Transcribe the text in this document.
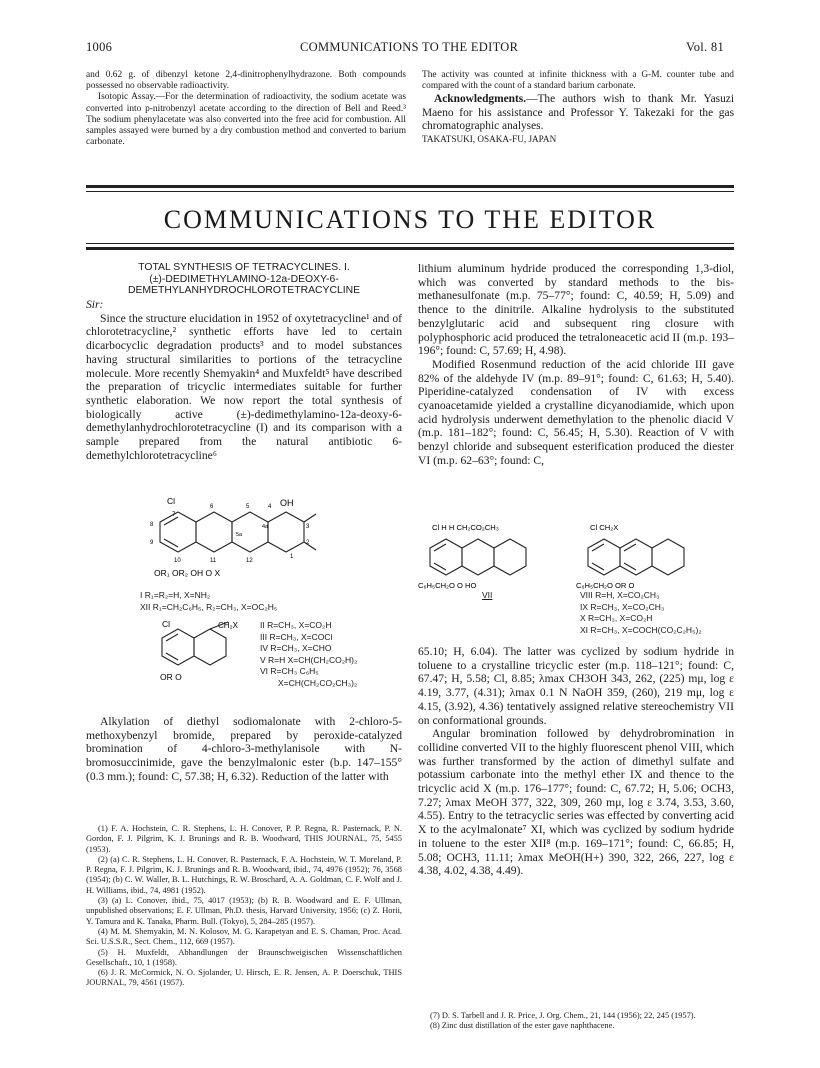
1006	COMMUNICATIONS TO THE EDITOR	Vol. 81

and 0.62 g. of dibenzyl ketone 2,4-dinitrophenylhydrazone. Both compounds possessed no observable radioactivity.

Isotopic Assay.—For the determination of radioactivity, the sodium acetate was converted into p-nitrobenzyl acetate according to the direction of Bell and Reed.³ The sodium phenylacetate was also converted into the free acid for combustion. All samples assayed were burned by a dry combustion method and converted to barium carbonate.

The activity was counted at infinite thickness with a G-M. counter tube and compared with the count of a standard barium carbonate.

Acknowledgments.—The authors wish to thank Mr. Yasuzi Maeno for his assistance and Professor Y. Takezaki for the gas chromatographic analyses.

TAKATSUKI, OSAKA-FU, JAPAN

COMMUNICATIONS TO THE EDITOR
TOTAL SYNTHESIS OF TETRACYCLINES. I.
(±)-DEDIMETHYLAMINO-12a-DEOXY-6-
DEMETHYLANHYDROCHLOROTETRACYCLINE

Sir:

Since the structure elucidation in 1952 of oxytetracycline¹ and of chlorotetracycline,² synthetic efforts have led to certain dicarbocyclic degradation products³ and to model substances having structural similarities to portions of the tetracycline molecule. More recently Shemyakin⁴ and Muxfeldt⁵ have described the preparation of tricyclic intermediates suitable for further synthetic elaboration. We now report the total synthesis of biologically active (±)-dedimethylamino-12a-deoxy-6-demethylanhydrochlorotetracycline (I) and its comparison with a sample prepared from the natural antibiotic 6-demethylchlorotetracycline⁶

Cl	OH
7
6	5	4
8
9
10	11	12
4a
5a
3
2
1
OR₁ OR₂ OH O X
I R₁=R₂=H, X=NH₂
XII R₁=CH₂C₆H₅, R₂=CH₃, X=OC₂H₅
Cl	CH₂X
OR O
II R=CH₃, X=CO₂H
III R=CH₃, X=COCl
IV R=CH₃, X=CHO
V R=H X=CH(CH₂CO₂H)₂
VI R=CH₃ C₆H₅
X=CH(CH₂CO₂CH₃)₂

Alkylation of diethyl sodiomalonate with 2-chloro-5-methoxybenzyl bromide, prepared by peroxide-catalyzed bromination of 4-chloro-3-methylanisole with N-bromosuccinimide, gave the benzylmalonic ester (b.p. 147–155° (0.3 mm.); found: C, 57.38; H, 6.32). Reduction of the latter with

(1) F. A. Hochstein, C. R. Stephens, L. H. Conover, P. P. Regna, R. Pasternack, P. N. Gordon, F. J. Pilgrim, K. J. Brunings and R. B. Woodward, THIS JOURNAL, 75, 5455 (1953).

(2) (a) C. R. Stephens, L. H. Conover, R. Pasternack, F. A. Hochstein, W. T. Moreland, P. P. Regna, F. J. Pilgrim, K. J. Brunings and R. B. Woodward, ibid., 74, 4976 (1952); 76, 3568 (1954); (b) C. W. Waller, B. L. Hutchings, R. W. Broschard, A. A. Goldman, C. F. Wolf and J. H. Williams, ibid., 74, 4981 (1952).

(3) (a) L. Conover, ibid., 75, 4017 (1953); (b) R. B. Woodward and E. F. Ullman, unpublished observations; E. F. Ullman, Ph.D. thesis, Harvard University, 1956; (c) Z. Horii, Y. Tamura and K. Tanaka, Pharm. Bull. (Tokyo), 5, 284–285 (1957).

(4) M. M. Shemyakin, M. N. Kolosov, M. G. Karapetyan and E. S. Chaman, Proc. Acad. Sci. U.S.S.R., Sect. Chem., 112, 669 (1957).

(5) H. Muxfeldt, Abhandlungen der Braunschweigischen Wissenschaftlichen Gesellschaft., 10, 1 (1958).

(6) J. R. McCormick, N. O. Sjolander, U. Hirsch, E. R. Jensen, A. P. Doerschuk, THIS JOURNAL, 79, 4561 (1957).

lithium aluminum hydride produced the corresponding 1,3-diol, which was converted by standard methods to the bis-methanesulfonate (m.p. 75–77°; found: C, 40.59; H, 5.09) and thence to the dinitrile. Alkaline hydrolysis to the substituted benzylglutaric acid and subsequent ring closure with polyphosphoric acid produced the tetraloneacetic acid II (m.p. 193–196°; found: C, 57.69; H, 4.98).

Modified Rosenmund reduction of the acid chloride III gave 82% of the aldehyde IV (m.p. 89–91°; found: C, 61.63; H, 5.40). Piperidine-catalyzed condensation of IV with excess cyanoacetamide yielded a crystalline dicyanodiamide, which upon acid hydrolysis underwent demethylation to the phenolic diacid V (m.p. 181–182°; found: C, 56.45; H, 5.30). Reaction of V with benzyl chloride and subsequent esterification produced the diester VI (m.p. 62–63°; found: C,

Cl H H CH₂CO₂CH₃
C₆H₅CH₂O O HO
VII
Cl CH₂X
C₆H₅CH₂O OR O
VIII R=H, X=CO₂CH₃
IX R=CH₃, X=CO₂CH₃
X R=CH₃, X=CO₂H
XI R=CH₃, X=COCH(CO₂C₂H₅)₂

65.10; H, 6.04). The latter was cyclized by sodium hydride in toluene to a crystalline tricyclic ester (m.p. 118–121°; found: C, 67.47; H, 5.58; Cl, 8.85; λmax CH3OH 343, 262, (225) mμ, log ε 4.19, 3.77, (4.31); λmax 0.1 N NaOH 359, (260), 219 mμ, log ε 4.15, (3.92), 4.36) tentatively assigned relative stereochemistry VII on conformational grounds.

Angular bromination followed by dehydrobromination in collidine converted VII to the highly fluorescent phenol VIII, which was further transformed by the action of dimethyl sulfate and potassium carbonate into the methyl ether IX and thence to the tricyclic acid X (m.p. 176–177°; found: C, 67.72; H, 5.06; OCH3, 7.27; λmax MeOH 377, 322, 309, 260 mμ, log ε 3.74, 3.53, 3.60, 4.55). Entry to the tetracyclic series was effected by converting acid X to the acylmalonate⁷ XI, which was cyclized by sodium hydride in toluene to the ester XII⁸ (m.p. 169–171°; found: C, 66.85; H, 5.08; OCH3, 11.11; λmax MeOH(H+) 390, 322, 266, 227, log ε 4.38, 4.02, 4.38, 4.49).

(7) D. S. Tarbell and J. R. Price, J. Org. Chem., 21, 144 (1956); 22, 245 (1957).

(8) Zinc dust distillation of the ester gave naphthacene.
